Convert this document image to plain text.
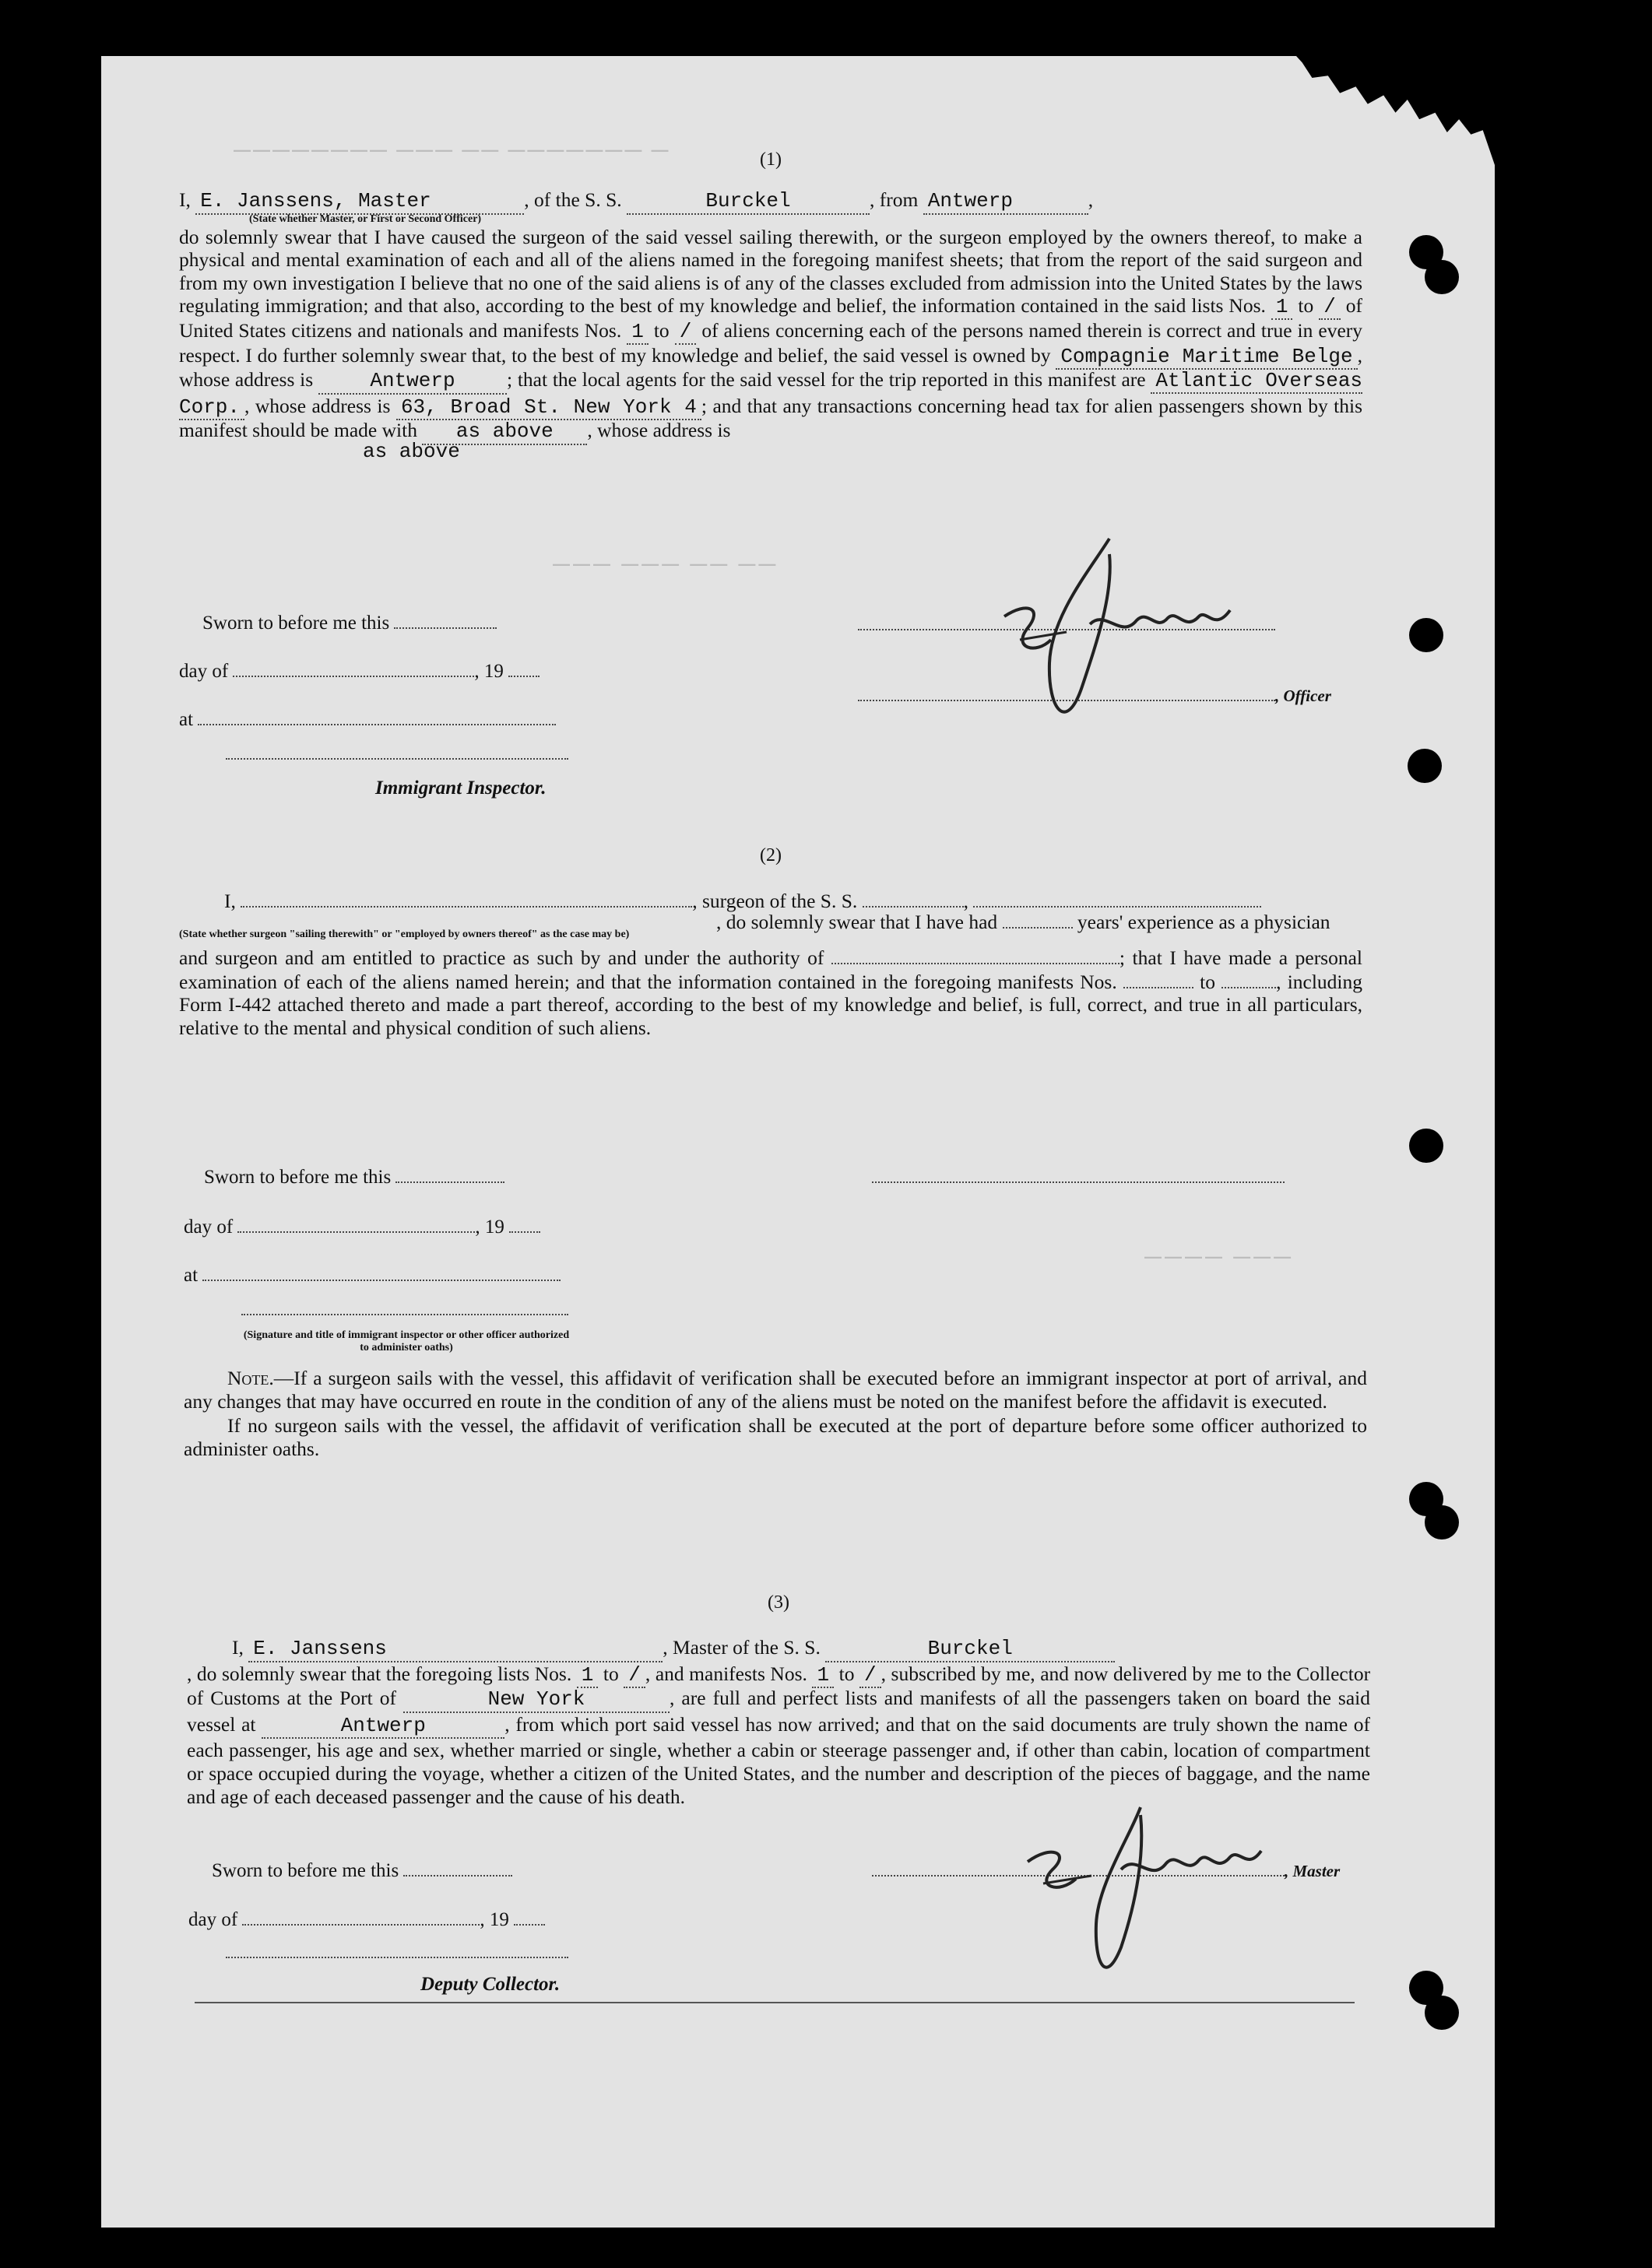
———————— ——— —— ——————— —
——— ——— —— ——
———— ———
(1)
I, E. Janssens, Master	, of the S. S.	Burckel	, from Antwerp	,
(State whether Master, or First or Second Officer)
do solemnly swear that I have caused the surgeon of the said vessel sailing therewith, or the surgeon employed by the owners thereof, to make a physical and mental examination of each and all of the aliens named in the foregoing manifest sheets; that from the report of the said surgeon and from my own investigation I believe that no one of the said aliens is of any of the classes excluded from admission into the United States by the laws regulating immigration; and that also, according to the best of my knowledge and belief, the information contained in the said lists Nos. 1 to / of United States citizens and nationals and manifests Nos. 1 to / of aliens concerning each of the persons named therein is correct and true in every respect. I do further solemnly swear that, to the best of my knowledge and belief, the said vessel is owned by Compagnie Maritime Belge , whose address is	Antwerp	; that the local agents for the said vessel for the trip reported in this manifest are Atlantic Overseas Corp. , whose address is 63, Broad St. New York 4 ; and that any transactions concerning head tax for alien passengers shown by this manifest should be made with as above , whose address is
as above
Sworn to before me this
day of	, 19
at
Immigrant Inspector.
, Officer
(2)
I,	, surgeon of the S. S.	,
, do solemnly swear that I have had	years' experience as a physician
(State whether surgeon "sailing therewith" or "employed by owners thereof" as the case may be)
and surgeon and am entitled to practice as such by and under the authority of	; that I have made a personal examination of each of the aliens named herein; and that the information contained in the foregoing manifests Nos.	to	, including Form I-442 attached thereto and made a part thereof, according to the best of my knowledge and belief, is full, correct, and true in all particulars, relative to the mental and physical condition of such aliens.
Sworn to before me this
day of	, 19
at
(Signature and title of immigrant inspector or other officer authorized to administer oaths)
Note.—If a surgeon sails with the vessel, this affidavit of verification shall be executed before an immigrant inspector at port of arrival, and any changes that may have occurred en route in the condition of any of the aliens must be noted on the manifest before the affidavit is executed.
If no surgeon sails with the vessel, the affidavit of verification shall be executed at the port of departure before some officer authorized to administer oaths.
(3)
I, E. Janssens	, Master of the S. S.	Burckel
, do solemnly swear that the foregoing lists Nos. 1 to / , and manifests Nos. 1 to / , subscribed by me, and now delivered by me to the Collector of Customs at the Port of	New York	, are full and perfect lists and manifests of all the passengers taken on board the said vessel at	Antwerp	, from which port said vessel has now arrived; and that on the said documents are truly shown the name of each passenger, his age and sex, whether married or single, whether a cabin or steerage passenger and, if other than cabin, location of compartment or space occupied during the voyage, whether a citizen of the United States, and the number and description of the pieces of baggage, and the name and age of each deceased passenger and the cause of his death.
Sworn to before me this	, Master
day of	, 19
Deputy Collector.
